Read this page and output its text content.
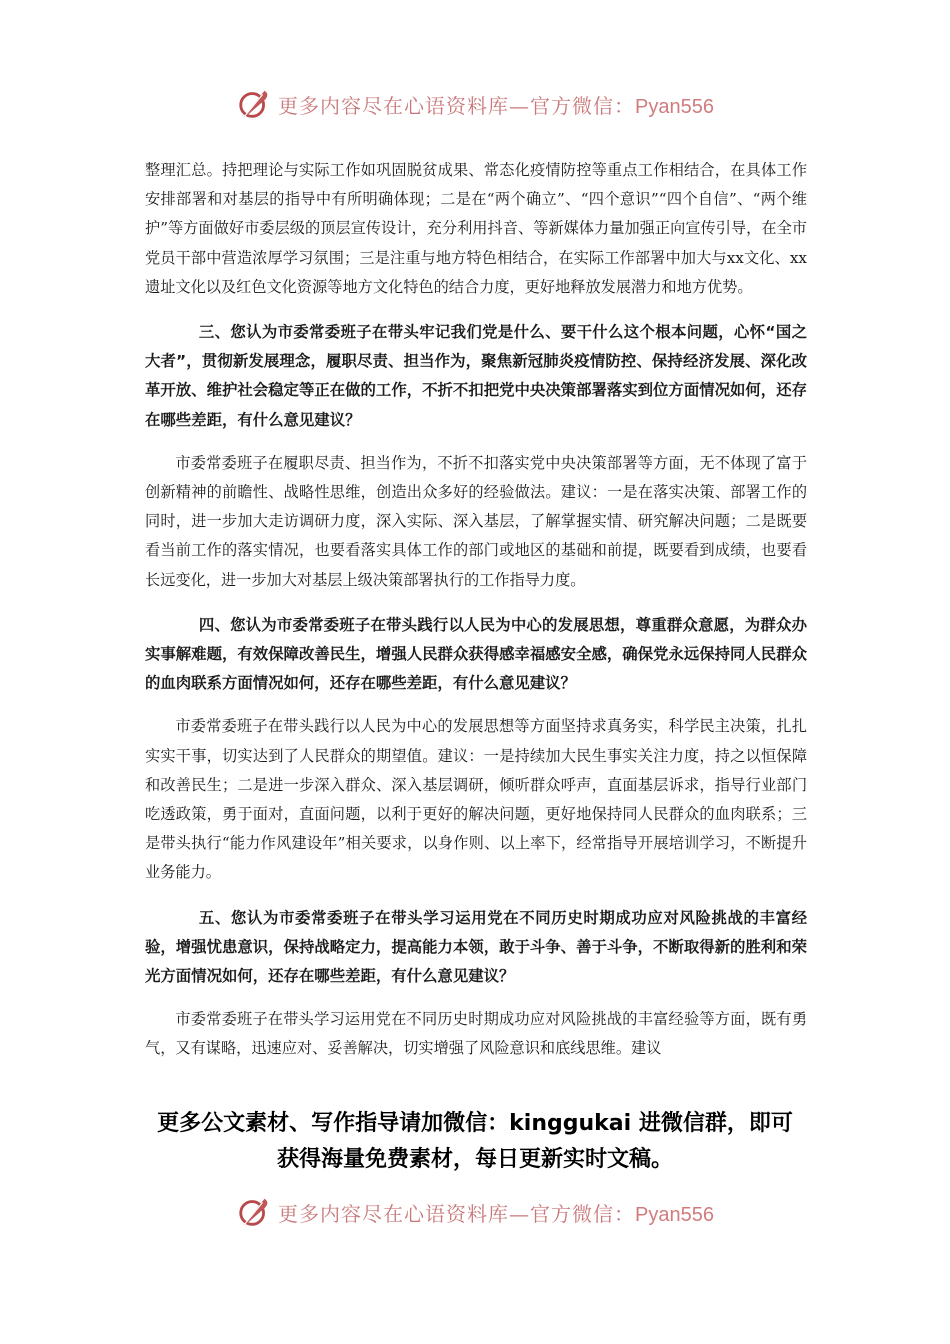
更多内容尽在心语资料库—官方微信：Pyan556

整理汇总。持把理论与实际工作如巩固脱贫成果、常态化疫情防控等重点工作相结合，在具体工作安排部署和对基层的指导中有所明确体现；二是在“两个确立”、“四个意识”“四个自信”、“两个维护”等方面做好市委层级的顶层宣传设计，充分利用抖音、等新媒体力量加强正向宣传引导，在全市党员干部中营造浓厚学习氛围；三是注重与地方特色相结合，在实际工作部署中加大与xx文化、xx遗址文化以及红色文化资源等地方文化特色的结合力度，更好地释放发展潜力和地方优势。

三、您认为市委常委班子在带头牢记我们党是什么、要干什么这个根本问题，心怀“国之大者”，贯彻新发展理念，履职尽责、担当作为，聚焦新冠肺炎疫情防控、保持经济发展、深化改革开放、维护社会稳定等正在做的工作，不折不扣把党中央决策部署落实到位方面情况如何，还存在哪些差距，有什么意见建议？

市委常委班子在履职尽责、担当作为，不折不扣落实党中央决策部署等方面，无不体现了富于创新精神的前瞻性、战略性思维，创造出众多好的经验做法。建议：一是在落实决策、部署工作的同时，进一步加大走访调研力度，深入实际、深入基层，了解掌握实情、研究解决问题；二是既要看当前工作的落实情况，也要看落实具体工作的部门或地区的基础和前提，既要看到成绩，也要看长远变化，进一步加大对基层上级决策部署执行的工作指导力度。

四、您认为市委常委班子在带头践行以人民为中心的发展思想，尊重群众意愿，为群众办实事解难题，有效保障改善民生，增强人民群众获得感幸福感安全感，确保党永远保持同人民群众的血肉联系方面情况如何，还存在哪些差距，有什么意见建议？

市委常委班子在带头践行以人民为中心的发展思想等方面坚持求真务实，科学民主决策，扎扎实实干事，切实达到了人民群众的期望值。建议：一是持续加大民生事实关注力度，持之以恒保障和改善民生；二是进一步深入群众、深入基层调研，倾听群众呼声，直面基层诉求，指导行业部门吃透政策，勇于面对，直面问题，以利于更好的解决问题，更好地保持同人民群众的血肉联系；三是带头执行“能力作风建设年”相关要求，以身作则、以上率下，经常指导开展培训学习，不断提升业务能力。

五、您认为市委常委班子在带头学习运用党在不同历史时期成功应对风险挑战的丰富经验，增强忧患意识，保持战略定力，提高能力本领，敢于斗争、善于斗争，不断取得新的胜利和荣光方面情况如何，还存在哪些差距，有什么意见建议？

市委常委班子在带头学习运用党在不同历史时期成功应对风险挑战的丰富经验等方面，既有勇气，又有谋略，迅速应对、妥善解决，切实增强了风险意识和底线思维。建议

更多公文素材、写作指导请加微信：kinggukai 进微信群，即可
获得海量免费素材，每日更新实时文稿。
更多内容尽在心语资料库—官方微信：Pyan556
